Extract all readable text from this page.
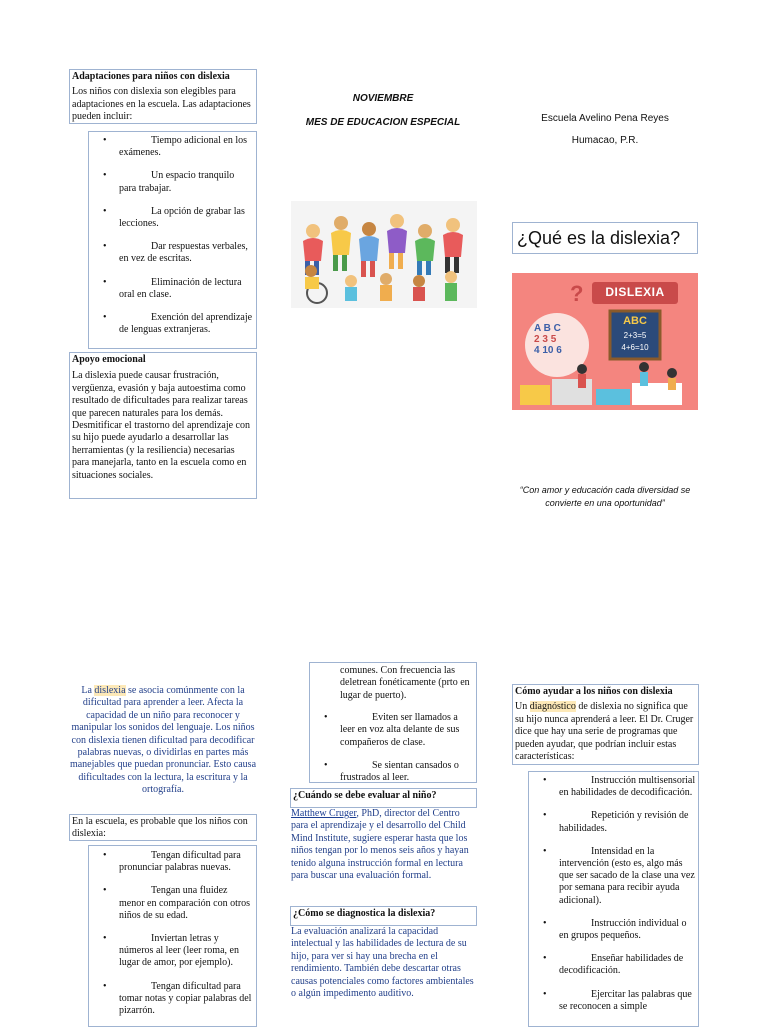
Adaptaciones para niños con dislexia
Los niños con dislexia son elegibles para adaptaciones en la escuela. Las adaptaciones pueden incluir:
•	Tiempo adicional en los exámenes.
•	Un espacio tranquilo para trabajar.
•	La opción de grabar las lecciones.
•	Dar respuestas verbales, en vez de escritas.
•	Eliminación de lectura oral en clase.
•	Exención del aprendizaje de lenguas extranjeras.
Apoyo emocional
La dislexia puede causar frustración, vergüenza, evasión y baja autoestima como resultado de dificultades para realizar tareas que parecen naturales para los demás. Desmitificar el trastorno del aprendizaje con su hijo puede ayudarlo a desarrollar las herramientas (y la resiliencia) necesarias para manejarla, tanto en la escuela como en situaciones sociales.
NOVIEMBRE
MES DE EDUCACION ESPECIAL	Escuela Avelino Pena Reyes
Humacao, P.R.
¿Qué es la dislexia?
?	DISLEXIA
ABC
2+3=5
4+6=10
A B C
2 3 5
4 10 6
“Con amor y educación cada diversidad se convierte en una oportunidad”
La dislexia se asocia comúnmente con la dificultad para aprender a leer. Afecta la capacidad de un niño para reconocer y manipular los sonidos del lenguaje. Los niños con dislexia tienen dificultad para decodificar palabras nuevas, o dividirlas en partes más manejables que puedan pronunciar. Esto causa dificultades con la lectura, la escritura y la ortografía.
En la escuela, es probable que los niños con dislexia:
•	Tengan dificultad para pronunciar palabras nuevas.
•	Tengan una fluidez menor en comparación con otros niños de su edad.
•	Inviertan letras y números al leer (leer roma, en lugar de amor, por ejemplo).
•	Tengan dificultad para tomar notas y copiar palabras del pizarrón.
comunes. Con frecuencia las deletrean fonéticamente (prto en lugar de puerto).
•	Eviten ser llamados a leer en voz alta delante de sus compañeros de clase.
•	Se sientan cansados o frustrados al leer.
¿Cuándo se debe evaluar al niño?
Matthew Cruger, PhD, director del Centro para el aprendizaje y el desarrollo del Child Mind Institute, sugiere esperar hasta que los niños tengan por lo menos seis años y hayan tenido alguna instrucción formal en lectura para buscar una evaluación formal.
¿Cómo se diagnostica la dislexia?
La evaluación analizará la capacidad intelectual y las habilidades de lectura de su hijo, para ver si hay una brecha en el rendimiento. También debe descartar otras causas potenciales como factores ambientales o algún impedimento auditivo.
Cómo ayudar a los niños con dislexia
Un diagnóstico de dislexia no significa que su hijo nunca aprenderá a leer. El Dr. Cruger dice que hay una serie de programas que pueden ayudar, que podrían incluir estas características:
•	Instrucción multisensorial en habilidades de decodificación.
•	Repetición y revisión de habilidades.
•	Intensidad en la intervención (esto es, algo más que ser sacado de la clase una vez por semana para recibir ayuda adicional).
•	Instrucción individual o en grupos pequeños.
•	Enseñar habilidades de decodificación.
•	Ejercitar las palabras que se reconocen a simple
